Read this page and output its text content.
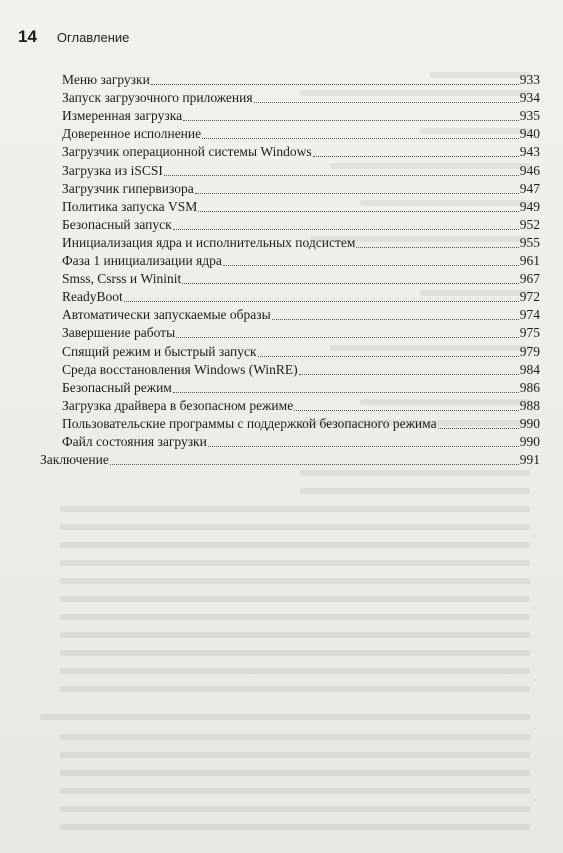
14 Оглавление
Меню загрузки	933
Запуск загрузочного приложения	934
Измеренная загрузка	935
Доверенное исполнение	940
Загрузчик операционной системы Windows	943
Загрузка из iSCSI	946
Загрузчик гипервизора	947
Политика запуска VSM	949
Безопасный запуск	952
Инициализация ядра и исполнительных подсистем	955
Фаза 1 инициализации ядра	961
Smss, Csrss и Wininit	967
ReadyBoot	972
Автоматически запускаемые образы	974
Завершение работы	975
Спящий режим и быстрый запуск	979
Среда восстановления Windows (WinRE)	984
Безопасный режим	986
Загрузка драйвера в безопасном режиме	988
Пользовательские программы с поддержкой безопасного режима	990
Файл состояния загрузки	990
Заключение	991
